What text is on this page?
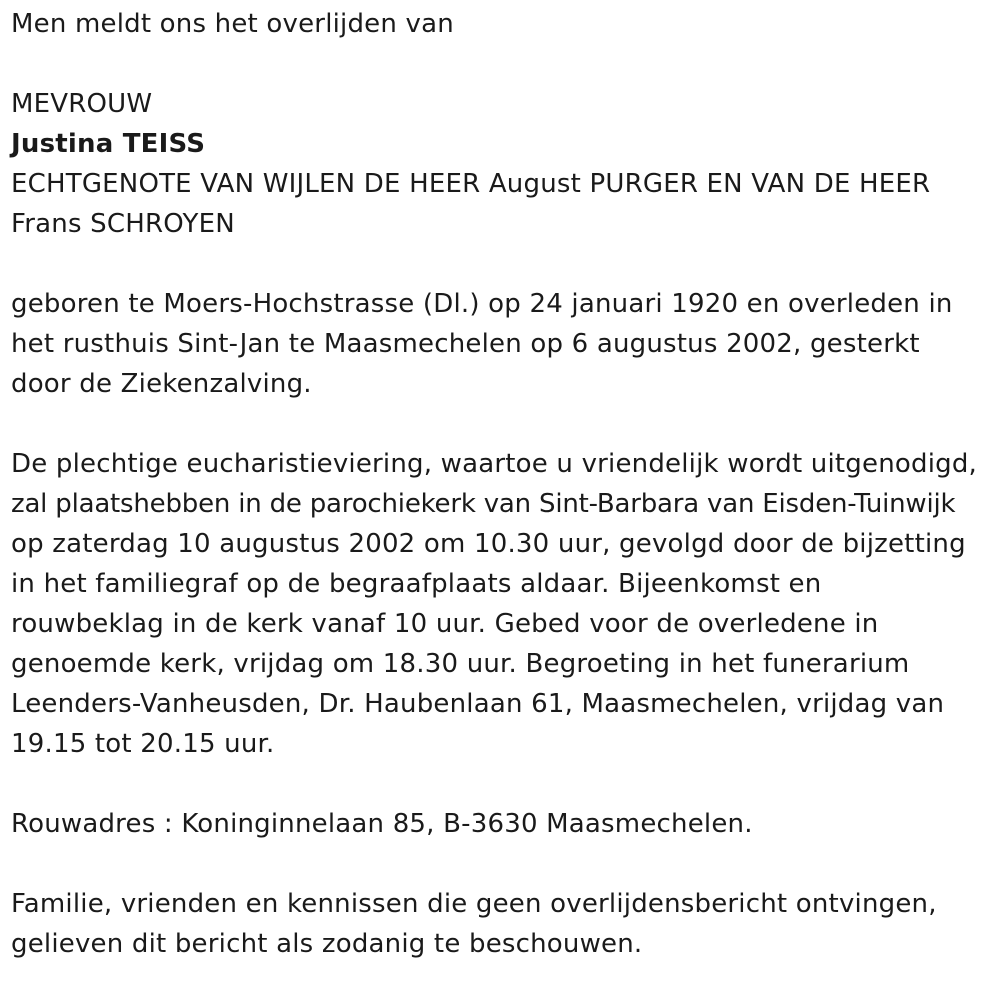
Men meldt ons het overlijden van
MEVROUW
Justina TEISS
ECHTGENOTE VAN WIJLEN DE HEER August PURGER EN VAN DE HEER
Frans SCHROYEN
geboren te Moers-Hochstrasse (Dl.) op 24 januari 1920 en overleden in
het rusthuis Sint-Jan te Maasmechelen op 6 augustus 2002, gesterkt
door de Ziekenzalving.
De plechtige eucharistieviering, waartoe u vriendelijk wordt uitgenodigd,
zal plaatshebben in de parochiekerk van Sint-Barbara van Eisden-Tuinwijk
op zaterdag 10 augustus 2002 om 10.30 uur, gevolgd door de bijzetting
in het familiegraf op de begraafplaats aldaar. Bijeenkomst en
rouwbeklag in de kerk vanaf 10 uur. Gebed voor de overledene in
genoemde kerk, vrijdag om 18.30 uur. Begroeting in het funerarium
Leenders-Vanheusden, Dr. Haubenlaan 61, Maasmechelen, vrijdag van
19.15 tot 20.15 uur.
Rouwadres : Koninginnelaan 85, B-3630 Maasmechelen.
Familie, vrienden en kennissen die geen overlijdensbericht ontvingen,
gelieven dit bericht als zodanig te beschouwen.
